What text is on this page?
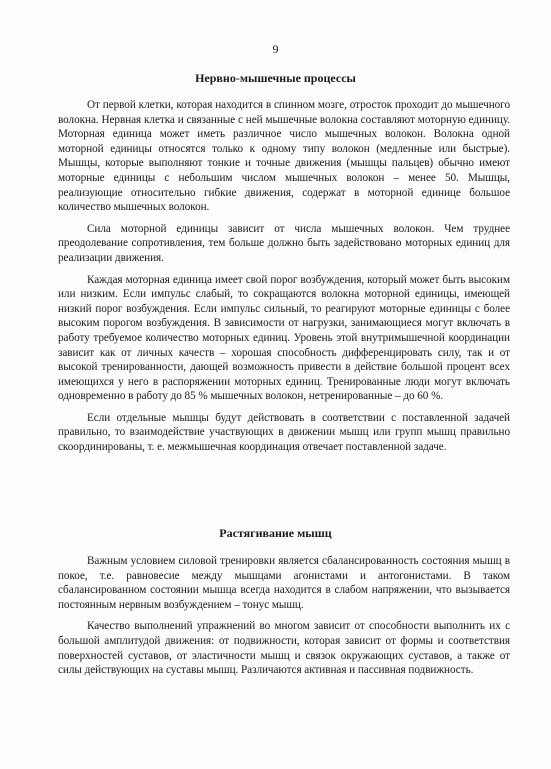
9
Нервно-мышечные процессы

От первой клетки, которая находится в спинном мозге, отросток проходит до мышечного волокна. Нервная клетка и связанные с ней мышечные волокна составляют моторную единицу. Моторная единица может иметь различное число мышечных волокон. Волокна одной моторной единицы относятся только к одному типу волокон (медленные или быстрые). Мышцы, которые выполняют тонкие и точные движения (мышцы пальцев) обычно имеют моторные единицы с небольшим числом мышечных волокон – менее 50. Мышцы, реализующие относительно гибкие движения, содержат в моторной единице большое количество мышечных волокон.

Сила моторной единицы зависит от числа мышечных волокон. Чем труднее преодолевание сопротивления, тем больше должно быть задействовано моторных единиц для реализации движения.

Каждая моторная единица имеет свой порог возбуждения, который может быть высоким или низким. Если импульс слабый, то сокращаются волокна моторной единицы, имеющей низкий порог возбуждения. Если импульс сильный, то реагируют моторные единицы с более высоким порогом возбуждения. В зависимости от нагрузки, занимающиеся могут включать в работу требуемое количество моторных единиц. Уровень этой внутримышечной координации зависит как от личных качеств – хорошая способность дифференцировать силу, так и от высокой тренированности, дающей возможность привести в действие большой процент всех имеющихся у него в распоряжении моторных единиц. Тренированные люди могут включать одновременно в работу до 85 % мышечных волокон, нетренированные – до 60 %.

Если отдельные мышцы будут действовать в соответствии с поставленной задачей правильно, то взаимодействие участвующих в движении мышц или групп мышц правильно скоординированы, т. е. межмышечная координация отвечает поставленной задаче.

Растягивание мышц

Важным условием силовой тренировки является сбалансированность состояния мышц в покое, т.е. равновесие между мышцами агонистами и антогонистами. В таком сбалансированном состоянии мышца всегда находится в слабом напряжении, что вызывается постоянным нервным возбуждением – тонус мышц.

Качество выполнений упражнений во многом зависит от способности выполнить их с большой амплитудой движения: от подвижности, которая зависит от формы и соответствия поверхностей суставов, от эластичности мышц и связок окружающих суставов, а также от силы действующих на суставы мышц. Различаются активная и пассивная подвижность.
